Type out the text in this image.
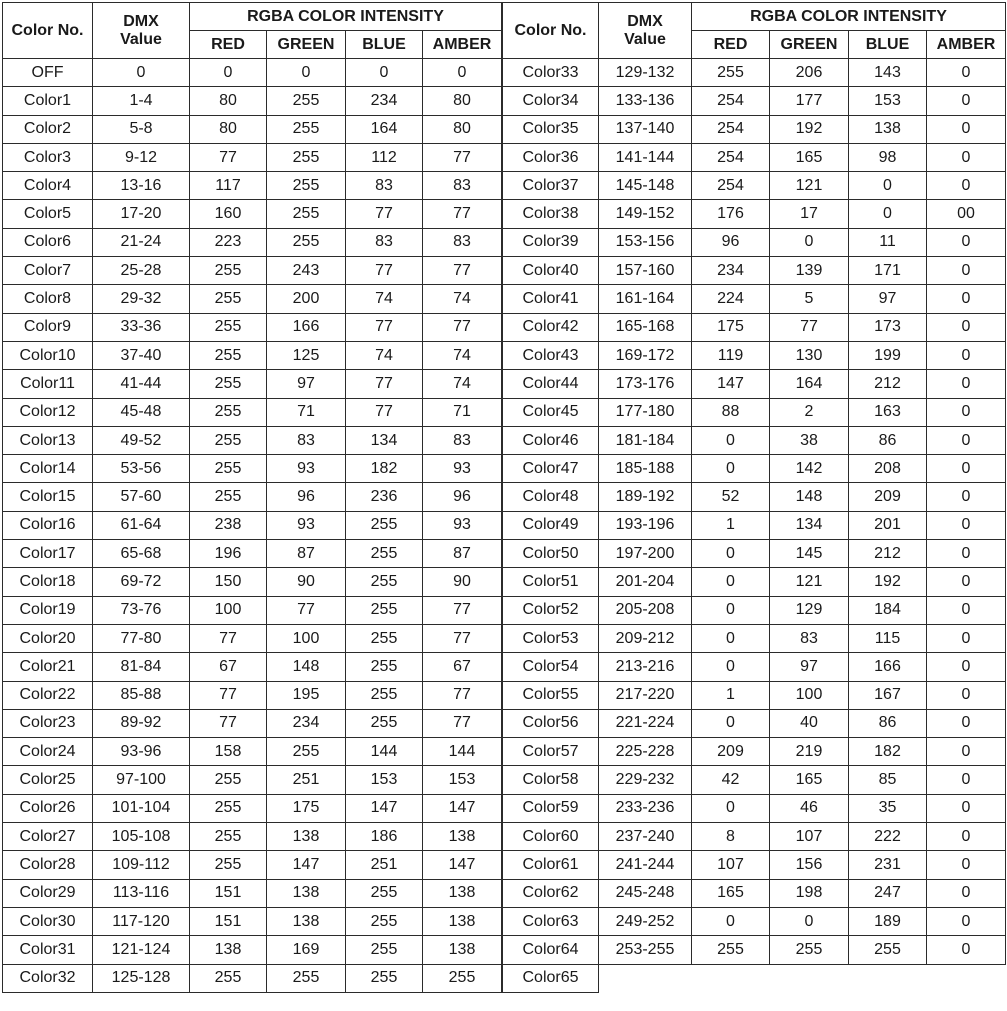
Color No.	DMX
Value	RGBA COLOR INTENSITY			
		RED	GREEN	BLUE	AMBER
OFF	0	0	0	0	0
Color1	1-4	80	255	234	80
Color2	5-8	80	255	164	80
Color3	9-12	77	255	112	77
Color4	13-16	117	255	83	83
Color5	17-20	160	255	77	77
Color6	21-24	223	255	83	83
Color7	25-28	255	243	77	77
Color8	29-32	255	200	74	74
Color9	33-36	255	166	77	77
Color10	37-40	255	125	74	74
Color11	41-44	255	97	77	74
Color12	45-48	255	71	77	71
Color13	49-52	255	83	134	83
Color14	53-56	255	93	182	93
Color15	57-60	255	96	236	96
Color16	61-64	238	93	255	93
Color17	65-68	196	87	255	87
Color18	69-72	150	90	255	90
Color19	73-76	100	77	255	77
Color20	77-80	77	100	255	77
Color21	81-84	67	148	255	67
Color22	85-88	77	195	255	77
Color23	89-92	77	234	255	77
Color24	93-96	158	255	144	144
Color25	97-100	255	251	153	153
Color26	101-104	255	175	147	147
Color27	105-108	255	138	186	138
Color28	109-112	255	147	251	147
Color29	113-116	151	138	255	138
Color30	117-120	151	138	255	138
Color31	121-124	138	169	255	138
Color32	125-128	255	255	255	255
Color No.	DMX
Value	RGBA COLOR INTENSITY			
		RED	GREEN	BLUE	AMBER
Color33	129-132	255	206	143	0
Color34	133-136	254	177	153	0
Color35	137-140	254	192	138	0
Color36	141-144	254	165	98	0
Color37	145-148	254	121	0	0
Color38	149-152	176	17	0	00
Color39	153-156	96	0	11	0
Color40	157-160	234	139	171	0
Color41	161-164	224	5	97	0
Color42	165-168	175	77	173	0
Color43	169-172	119	130	199	0
Color44	173-176	147	164	212	0
Color45	177-180	88	2	163	0
Color46	181-184	0	38	86	0
Color47	185-188	0	142	208	0
Color48	189-192	52	148	209	0
Color49	193-196	1	134	201	0
Color50	197-200	0	145	212	0
Color51	201-204	0	121	192	0
Color52	205-208	0	129	184	0
Color53	209-212	0	83	115	0
Color54	213-216	0	97	166	0
Color55	217-220	1	100	167	0
Color56	221-224	0	40	86	0
Color57	225-228	209	219	182	0
Color58	229-232	42	165	85	0
Color59	233-236	0	46	35	0
Color60	237-240	8	107	222	0
Color61	241-244	107	156	231	0
Color62	245-248	165	198	247	0
Color63	249-252	0	0	189	0
Color64	253-255	255	255	255	0
Color65					
